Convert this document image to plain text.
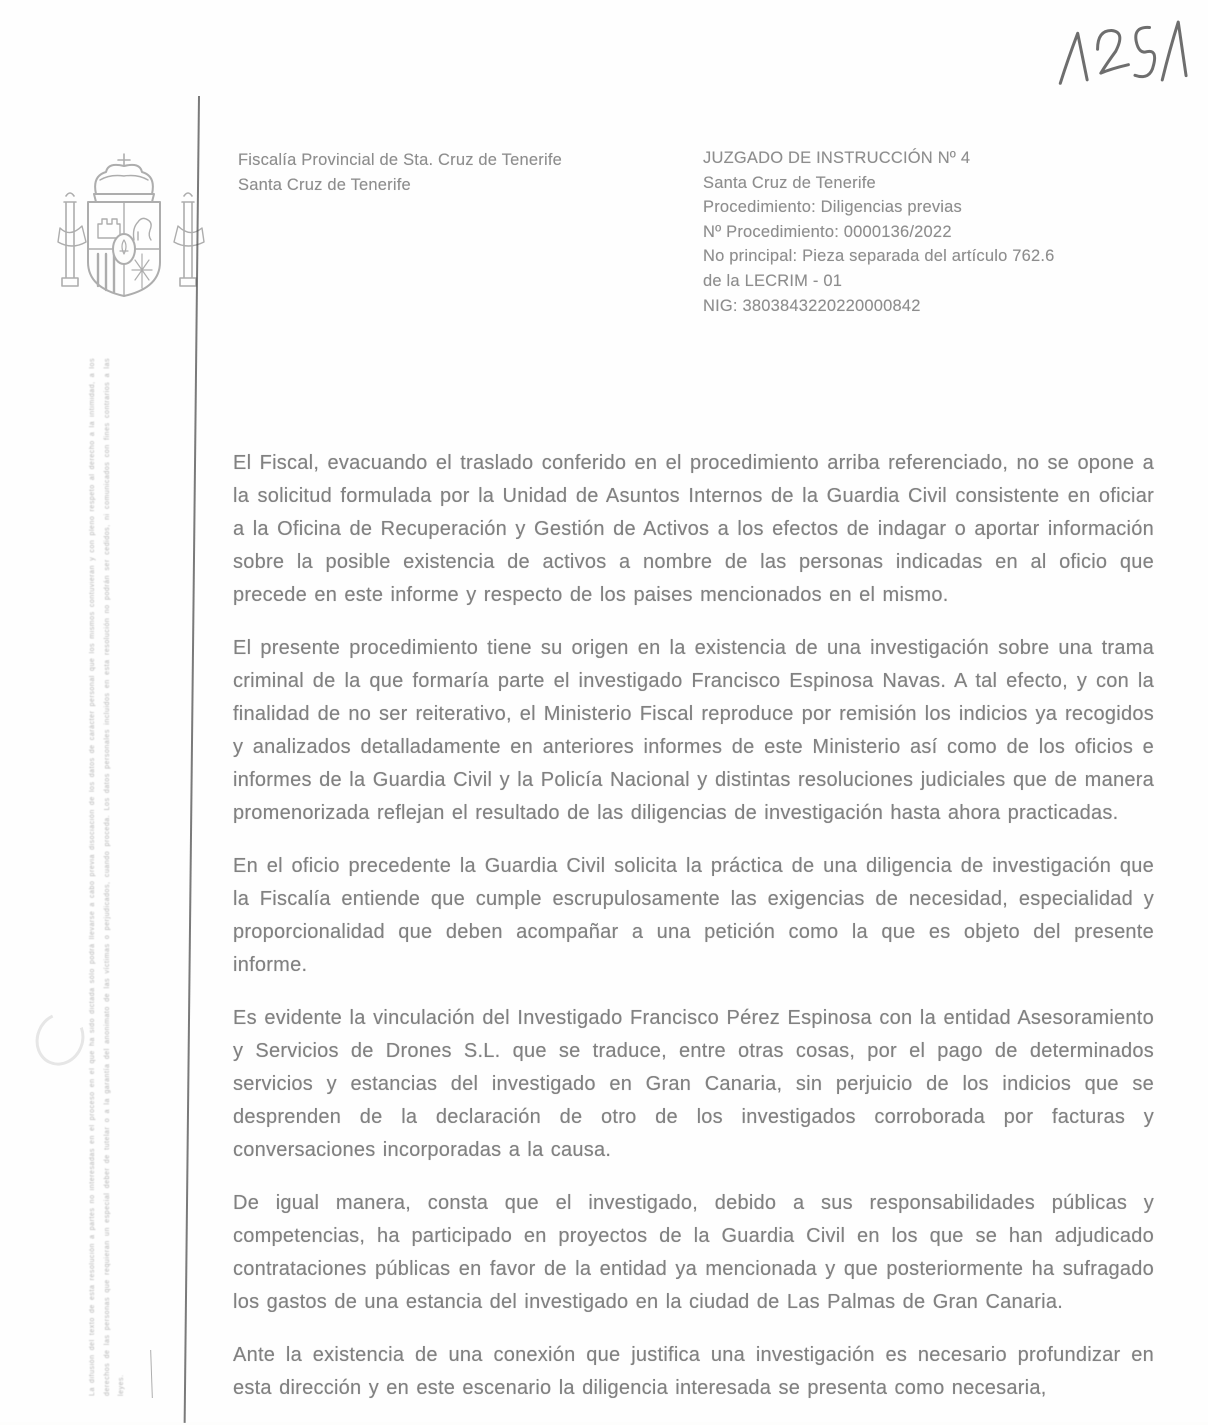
Fiscalía Provincial de Sta. Cruz de Tenerife
Santa Cruz de Tenerife
JUZGADO DE INSTRUCCIÓN Nº 4
Santa Cruz de Tenerife
Procedimiento: Diligencias previas
Nº Procedimiento: 0000136/2022
No principal: Pieza separada del artículo 762.6
de la LECRIM - 01
NIG: 3803843220220000842
La difusión del texto de esta resolución a partes no interesadas en el proceso en el que ha sido dictada sólo podrá llevarse a cabo previa disociación de los datos de carácter personal que los mismos contuvieran y con pleno respeto al derecho a la intimidad, a los derechos de las personas que requieran un especial deber de tutelar o a la garantía del anonimato de las víctimas o perjudicados, cuando proceda. Los datos personales incluidos en esta resolución no podrán ser cedidos, ni comunicados con fines contrarios a las leyes.

El Fiscal, evacuando el traslado conferido en el procedimiento arriba referenciado, no se opone a la solicitud formulada por la Unidad de Asuntos Internos de la Guardia Civil consistente en oficiar a la Oficina de Recuperación y Gestión de Activos a los efectos de indagar o aportar información sobre la posible existencia de activos a nombre de las personas indicadas en al oficio que precede en este informe y respecto de los paises mencionados en el mismo.

El presente procedimiento tiene su origen en la existencia de una investigación sobre una trama criminal de la que formaría parte el investigado Francisco Espinosa Navas. A tal efecto, y con la finalidad de no ser reiterativo, el Ministerio Fiscal reproduce por remisión los indicios ya recogidos y analizados detalladamente en anteriores informes de este Ministerio así como de los oficios e informes de la Guardia Civil y la Policía Nacional y distintas resoluciones judiciales que de manera promenorizada reflejan el resultado de las diligencias de investigación hasta ahora practicadas.

En el oficio precedente la Guardia Civil solicita la práctica de una diligencia de investigación que la Fiscalía entiende que cumple escrupulosamente las exigencias de necesidad, especialidad y proporcionalidad que deben acompañar a una petición como la que es objeto del presente informe.

Es evidente la vinculación del Investigado Francisco Pérez Espinosa con la entidad Asesoramiento y Servicios de Drones S.L. que se traduce, entre otras cosas, por el pago de determinados servicios y estancias del investigado en Gran Canaria, sin perjuicio de los indicios que se desprenden de la declaración de otro de los investigados corroborada por facturas y conversaciones incorporadas a la causa.

De igual manera, consta que el investigado, debido a sus responsabilidades públicas y competencias, ha participado en proyectos de la Guardia Civil en los que se han adjudicado contrataciones públicas en favor de la entidad ya mencionada y que posteriormente ha sufragado los gastos de una estancia del investigado en la ciudad de Las Palmas de Gran Canaria.

Ante la existencia de una conexión que justifica una investigación es necesario profundizar en esta dirección y en este escenario la diligencia interesada se presenta como necesaria,
